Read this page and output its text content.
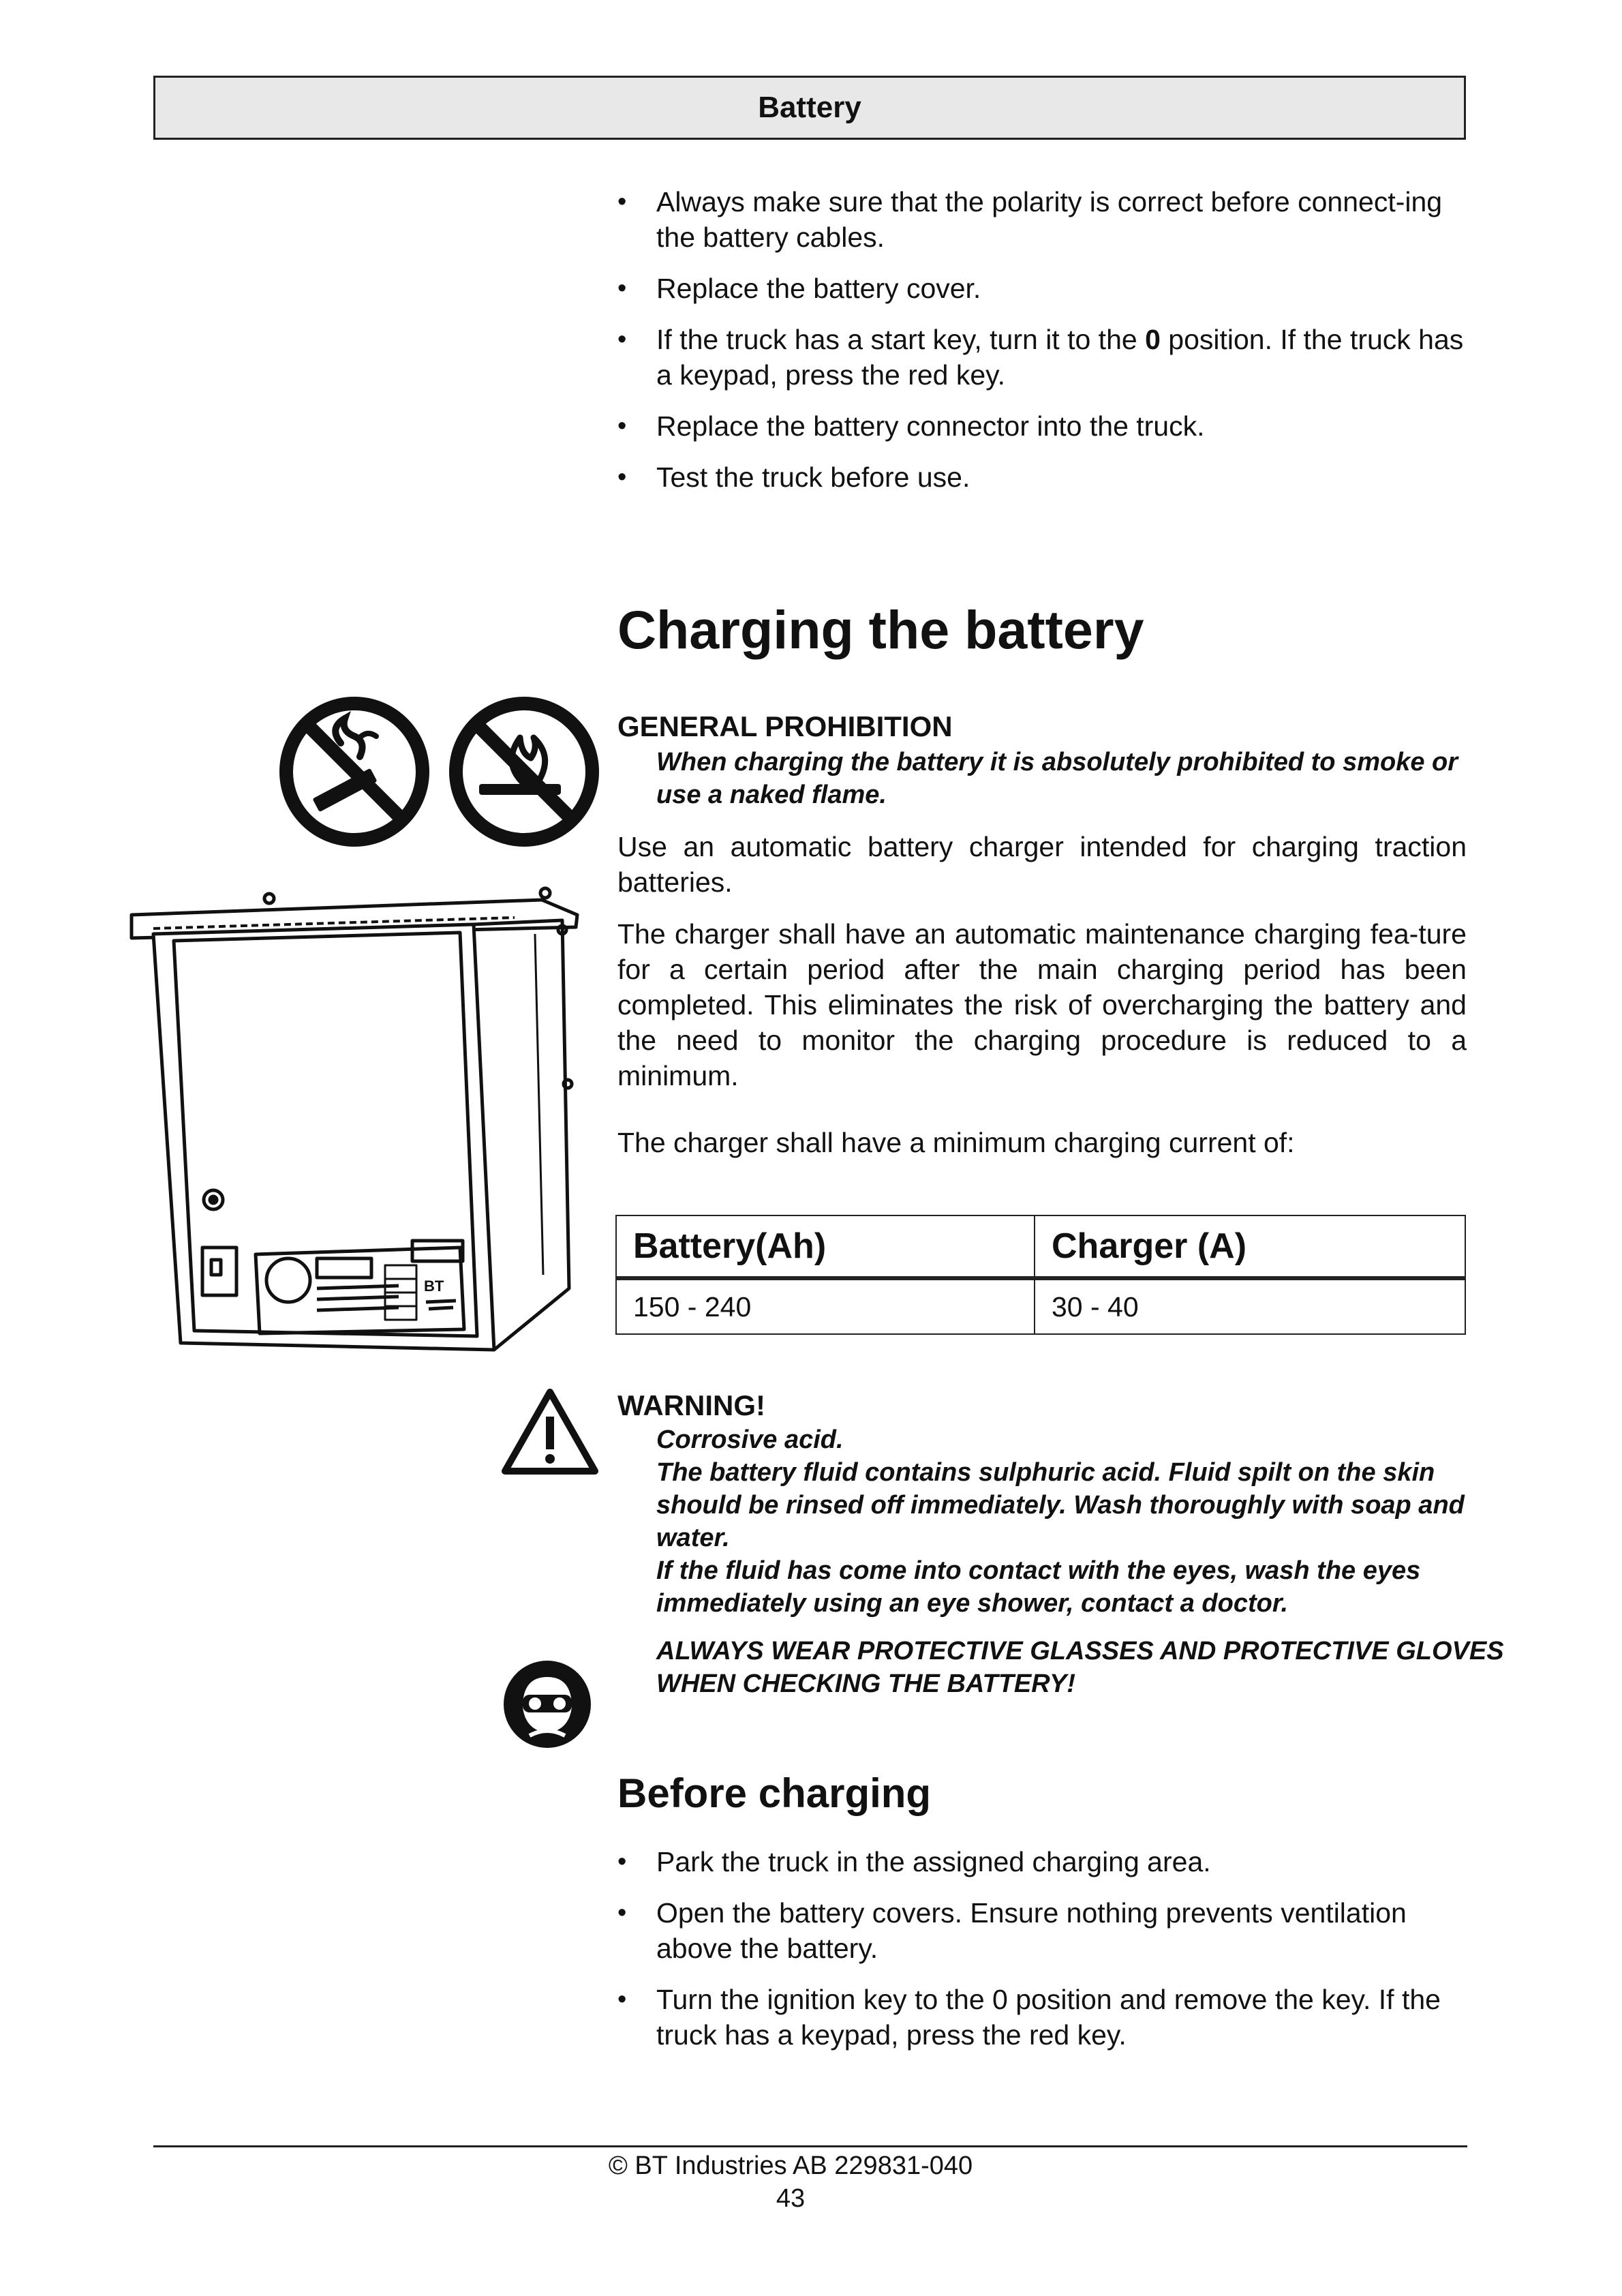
Battery
• Always make sure that the polarity is correct before connect-ing the battery cables.
• Replace the battery cover.
• If the truck has a start key, turn it to the 0 position. If the truck has a keypad, press the red key.
• Replace the battery connector into the truck.
• Test the truck before use.
Charging the battery
BT
GENERAL PROHIBITION
When charging the battery it is absolutely prohibited to smoke or use a naked flame.

Use an automatic battery charger intended for charging traction batteries.

The charger shall have an automatic maintenance charging fea-ture for a certain period after the main charging period has been completed. This eliminates the risk of overcharging the battery and the need to monitor the charging procedure is reduced to a minimum.

The charger shall have a minimum charging current of:

Battery(Ah)	Charger (A)
150 - 240	30 - 40
WARNING!
Corrosive acid.
The battery fluid contains sulphuric acid. Fluid spilt on the skin should be rinsed off immediately. Wash thoroughly with soap and water.
If the fluid has come into contact with the eyes, wash the eyes immediately using an eye shower, contact a doctor.
ALWAYS WEAR PROTECTIVE GLASSES AND PROTECTIVE GLOVES WHEN CHECKING THE BATTERY!
Before charging
• Park the truck in the assigned charging area.
• Open the battery covers. Ensure nothing prevents ventilation above the battery.
• Turn the ignition key to the 0 position and remove the key. If the truck has a keypad, press the red key.
© BT Industries AB 229831-040
43
